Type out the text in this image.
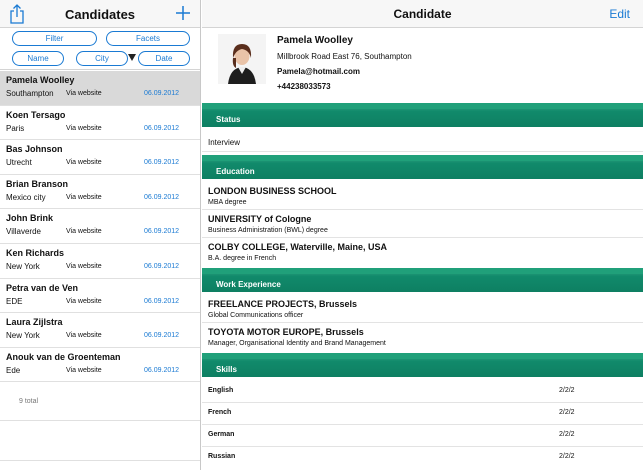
Candidates
Filter	Facets
Name	City	Date
Pamela Woolley
Southampton Via website	06.09.2012
Koen Tersago
Paris	Via website	06.09.2012
Bas Johnson
Utrecht	Via website	06.09.2012
Brian Branson
Mexico city	Via website	06.09.2012
John Brink
Villaverde	Via website	06.09.2012
Ken Richards
New York	Via website	06.09.2012
Petra van de Ven
EDE	Via website	06.09.2012
Laura Zijlstra
New York	Via website	06.09.2012
Anouk van de Groenteman
Ede	Via website	06.09.2012
9 total
Candidate	Edit
Pamela Woolley
Millbrook Road East 76, Southampton
Pamela@hotmail.com
+44238033573
Status
Interview
Education
LONDON BUSINESS SCHOOL
MBA degree
UNIVERSITY of Cologne
Business Administration (BWL) degree
COLBY COLLEGE, Waterville, Maine, USA
B.A. degree in French
Work Experience
FREELANCE PROJECTS, Brussels
Global Communications officer
TOYOTA MOTOR EUROPE, Brussels
Manager, Organisational Identity and Brand Management
Skills
English	2/2/2
French	2/2/2
German	2/2/2
Russian	2/2/2
